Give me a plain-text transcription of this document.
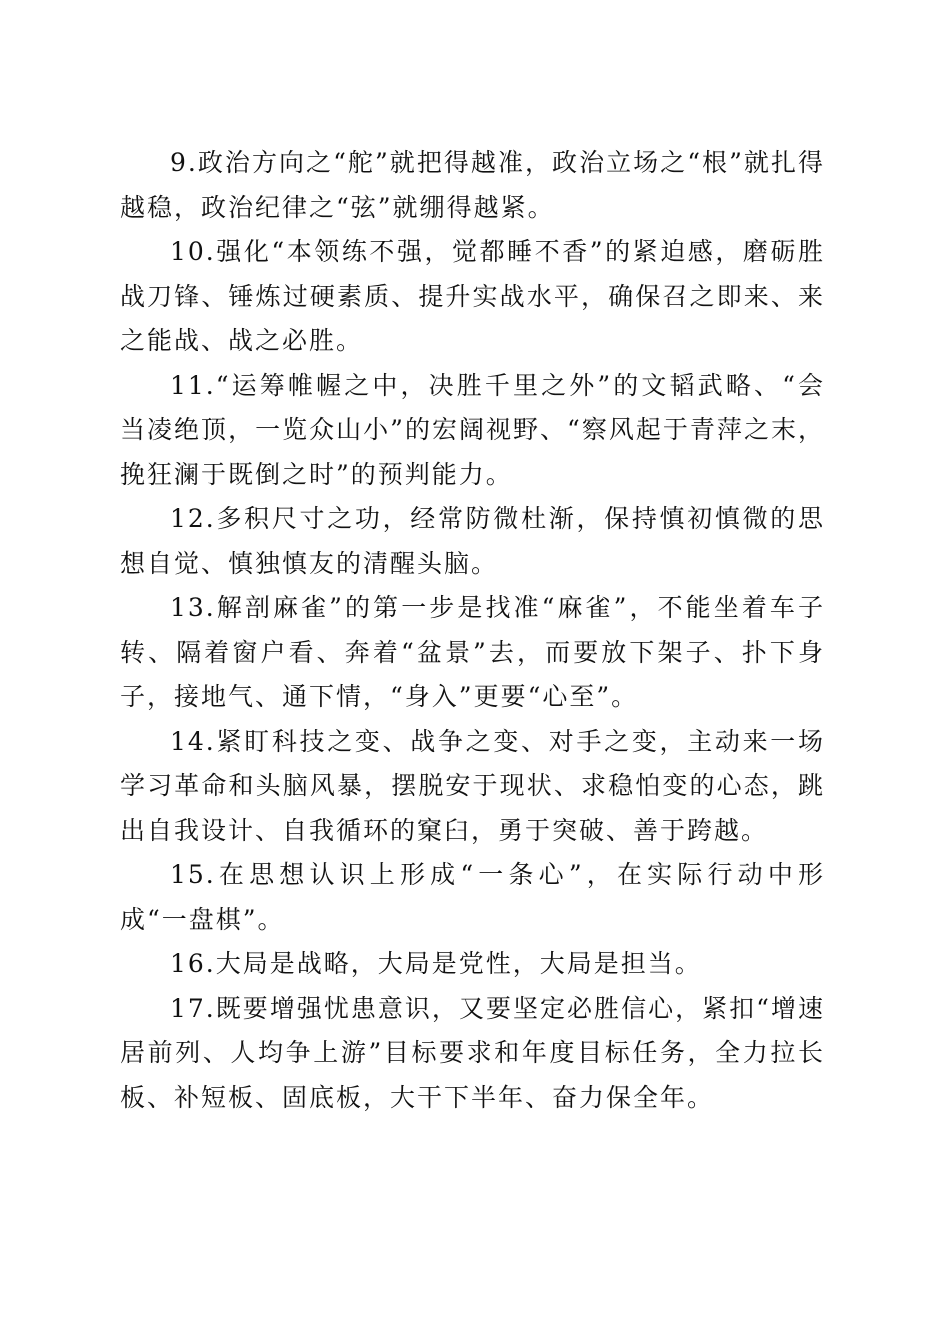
9.政治方向之“舵”就把得越准，政治立场之“根”就扎得越稳，政治纪律之“弦”就绷得越紧。

10.强化“本领练不强，觉都睡不香”的紧迫感，磨砺胜战刀锋、锤炼过硬素质、提升实战水平，确保召之即来、来之能战、战之必胜。

11.“运筹帷幄之中，决胜千里之外”的文韬武略、“会当凌绝顶，一览众山小”的宏阔视野、“察风起于青萍之末，挽狂澜于既倒之时”的预判能力。

12.多积尺寸之功，经常防微杜渐，保持慎初慎微的思想自觉、慎独慎友的清醒头脑。

13.解剖麻雀”的第一步是找准“麻雀”，不能坐着车子转、隔着窗户看、奔着“盆景”去，而要放下架子、扑下身子，接地气、通下情，“身入”更要“心至”。

14.紧盯科技之变、战争之变、对手之变，主动来一场学习革命和头脑风暴，摆脱安于现状、求稳怕变的心态，跳出自我设计、自我循环的窠臼，勇于突破、善于跨越。

15.在思想认识上形成“一条心”，在实际行动中形成“一盘棋”。

16.大局是战略，大局是党性，大局是担当。

17.既要增强忧患意识，又要坚定必胜信心，紧扣“增速居前列、人均争上游”目标要求和年度目标任务，全力拉长板、补短板、固底板，大干下半年、奋力保全年。
